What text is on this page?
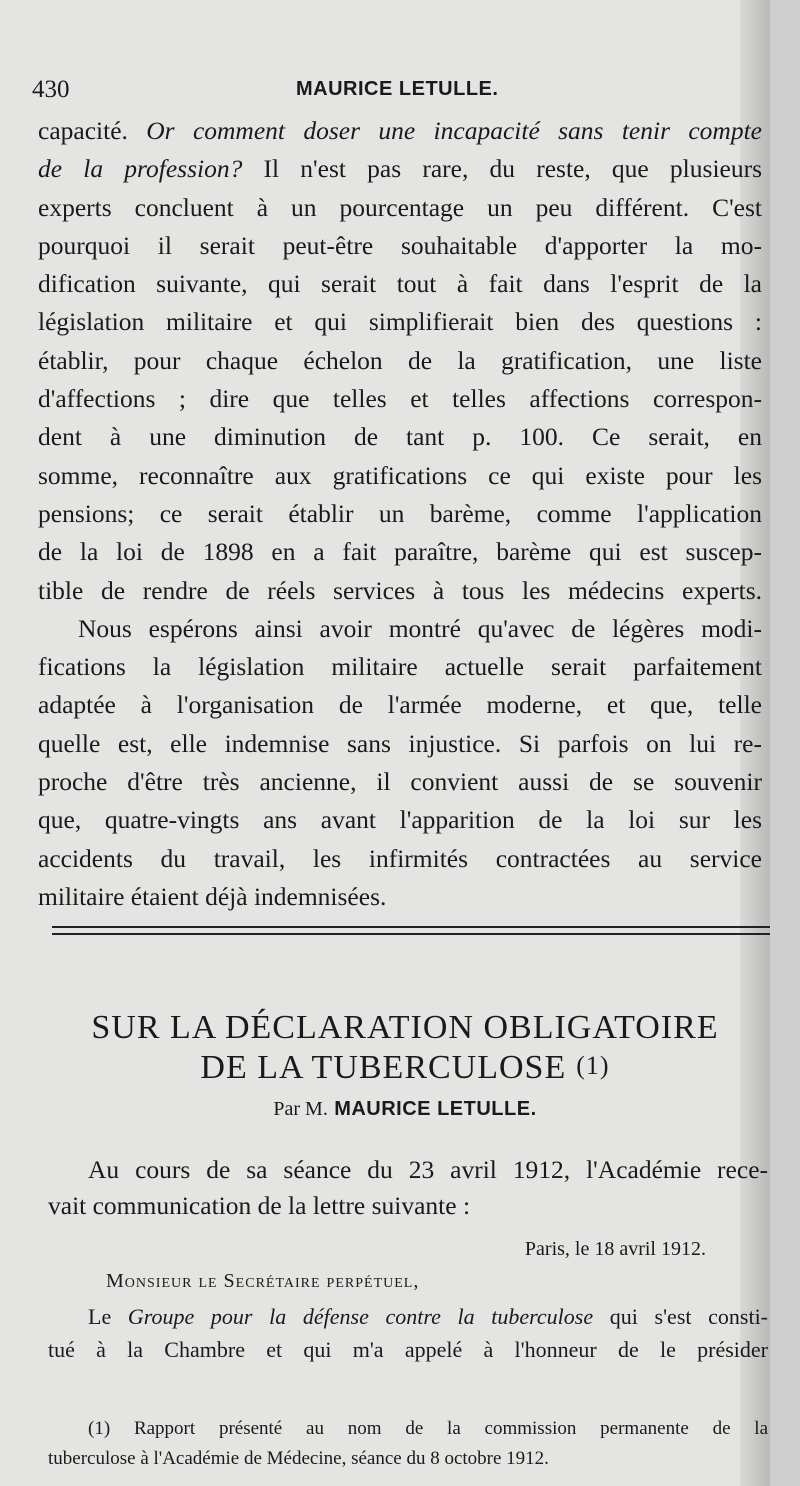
430	MAURICE LETULLE.
capacité. Or comment doser une incapacité sans tenir compte
de la profession? Il n'est pas rare, du reste, que plusieurs
experts concluent à un pourcentage un peu différent. C'est
pourquoi il serait peut-être souhaitable d'apporter la mo-
dification suivante, qui serait tout à fait dans l'esprit de la
législation militaire et qui simplifierait bien des questions :
établir, pour chaque échelon de la gratification, une liste
d'affections ; dire que telles et telles affections correspon-
dent à une diminution de tant p. 100. Ce serait, en
somme, reconnaître aux gratifications ce qui existe pour les
pensions; ce serait établir un barème, comme l'application
de la loi de 1898 en a fait paraître, barème qui est suscep-
tible de rendre de réels services à tous les médecins experts.
Nous espérons ainsi avoir montré qu'avec de légères modi-
fications la législation militaire actuelle serait parfaitement
adaptée à l'organisation de l'armée moderne, et que, telle
quelle est, elle indemnise sans injustice. Si parfois on lui re-
proche d'être très ancienne, il convient aussi de se souvenir
que, quatre-vingts ans avant l'apparition de la loi sur les
accidents du travail, les infirmités contractées au service
militaire étaient déjà indemnisées.
SUR LA DÉCLARATION OBLIGATOIRE
DE LA TUBERCULOSE (1)
Par M. MAURICE LETULLE.
Au cours de sa séance du 23 avril 1912, l'Académie rece-
vait communication de la lettre suivante :
Paris, le 18 avril 1912.
Monsieur le Secrétaire perpétuel,
Le Groupe pour la défense contre la tuberculose qui s'est consti-
tué à la Chambre et qui m'a appelé à l'honneur de le présider
(1) Rapport présenté au nom de la commission permanente de la
tuberculose à l'Académie de Médecine, séance du 8 octobre 1912.
